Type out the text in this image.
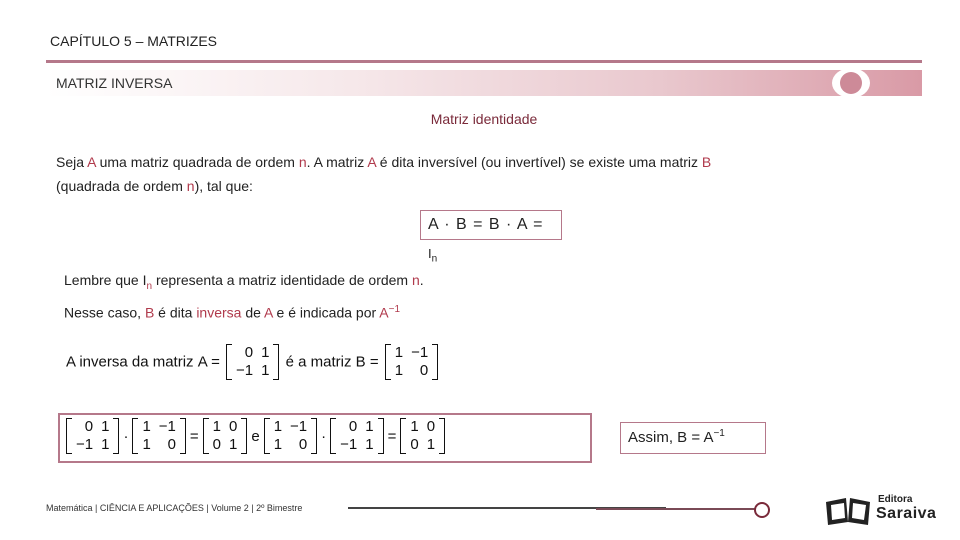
CAPÍTULO 5 – MATRIZES
MATRIZ INVERSA
Matriz identidade
Seja A uma matriz quadrada de ordem n. A matriz A é dita inversível (ou invertível) se existe uma matriz B
(quadrada de ordem n), tal que:
A · B = B · A =
$I_n$
Lembre que $I_n$ representa a matriz identidade de ordem n.
Nesse caso, B é dita inversa de A e é indicada por $A^{-1}$
A inversa da matriz A =
0	1
−1	1 é a matriz B =
1	−1
1	0
0	1
−1	1 ·
1	−1
1	0 =
1	0
0	1 e
1	−1
1	0 ·
0	1
−1	1 =
1	0
0	1	Assim, $B = A^{-1}$
Matemática | CIÊNCIA E APLICAÇÕES | Volume 2 | 2º Bimestre
Editora
Saraiva
